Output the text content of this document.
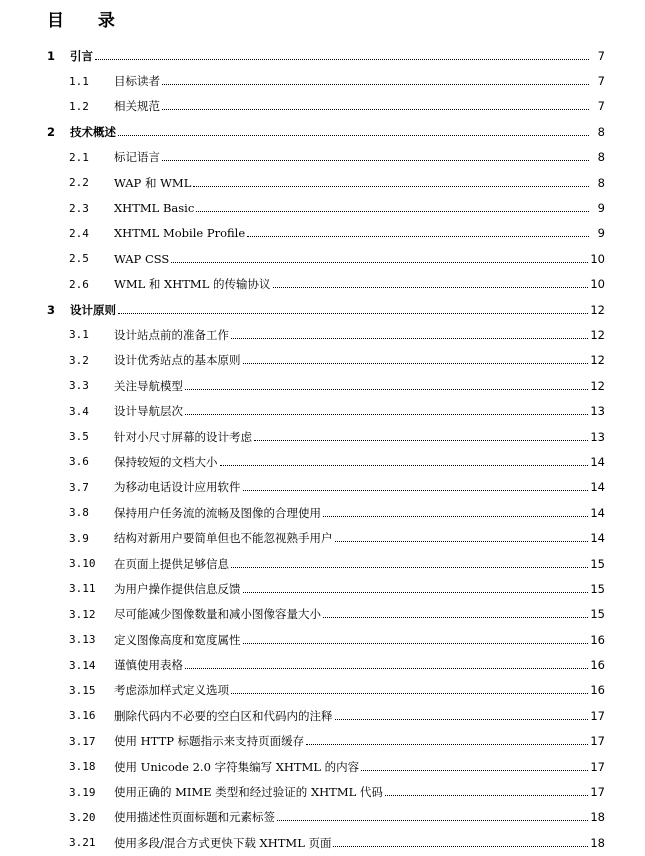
目 录
1 引言	7
1.1 目标读者	7
1.2 相关规范	7
2 技术概述	8
2.1 标记语言	8
2.2 WAP 和 WML	8
2.3 XHTML Basic	9
2.4 XHTML Mobile Profile	9
2.5 WAP CSS	10
2.6 WML 和 XHTML 的传输协议	10
3 设计原则	12
3.1 设计站点前的准备工作	12
3.2 设计优秀站点的基本原则	12
3.3 关注导航模型	12
3.4 设计导航层次	13
3.5 针对小尺寸屏幕的设计考虑	13
3.6 保持较短的文档大小	14
3.7 为移动电话设计应用软件	14
3.8 保持用户任务流的流畅及图像的合理使用	14
3.9 结构对新用户要简单但也不能忽视熟手用户	14
3.10 在页面上提供足够信息	15
3.11 为用户操作提供信息反馈	15
3.12 尽可能减少图像数量和减小图像容量大小	15
3.13 定义图像高度和宽度属性	16
3.14 谨慎使用表格	16
3.15 考虑添加样式定义选项	16
3.16 删除代码内不必要的空白区和代码内的注释	17
3.17 使用 HTTP 标题指示来支持页面缓存	17
3.18 使用 Unicode 2.0 字符集编写 XHTML 的内容	17
3.19 使用正确的 MIME 类型和经过验证的 XHTML 代码	17
3.20 使用描述性页面标题和元素标签	18
3.21 使用多段/混合方式更快下载 XHTML 页面	18
